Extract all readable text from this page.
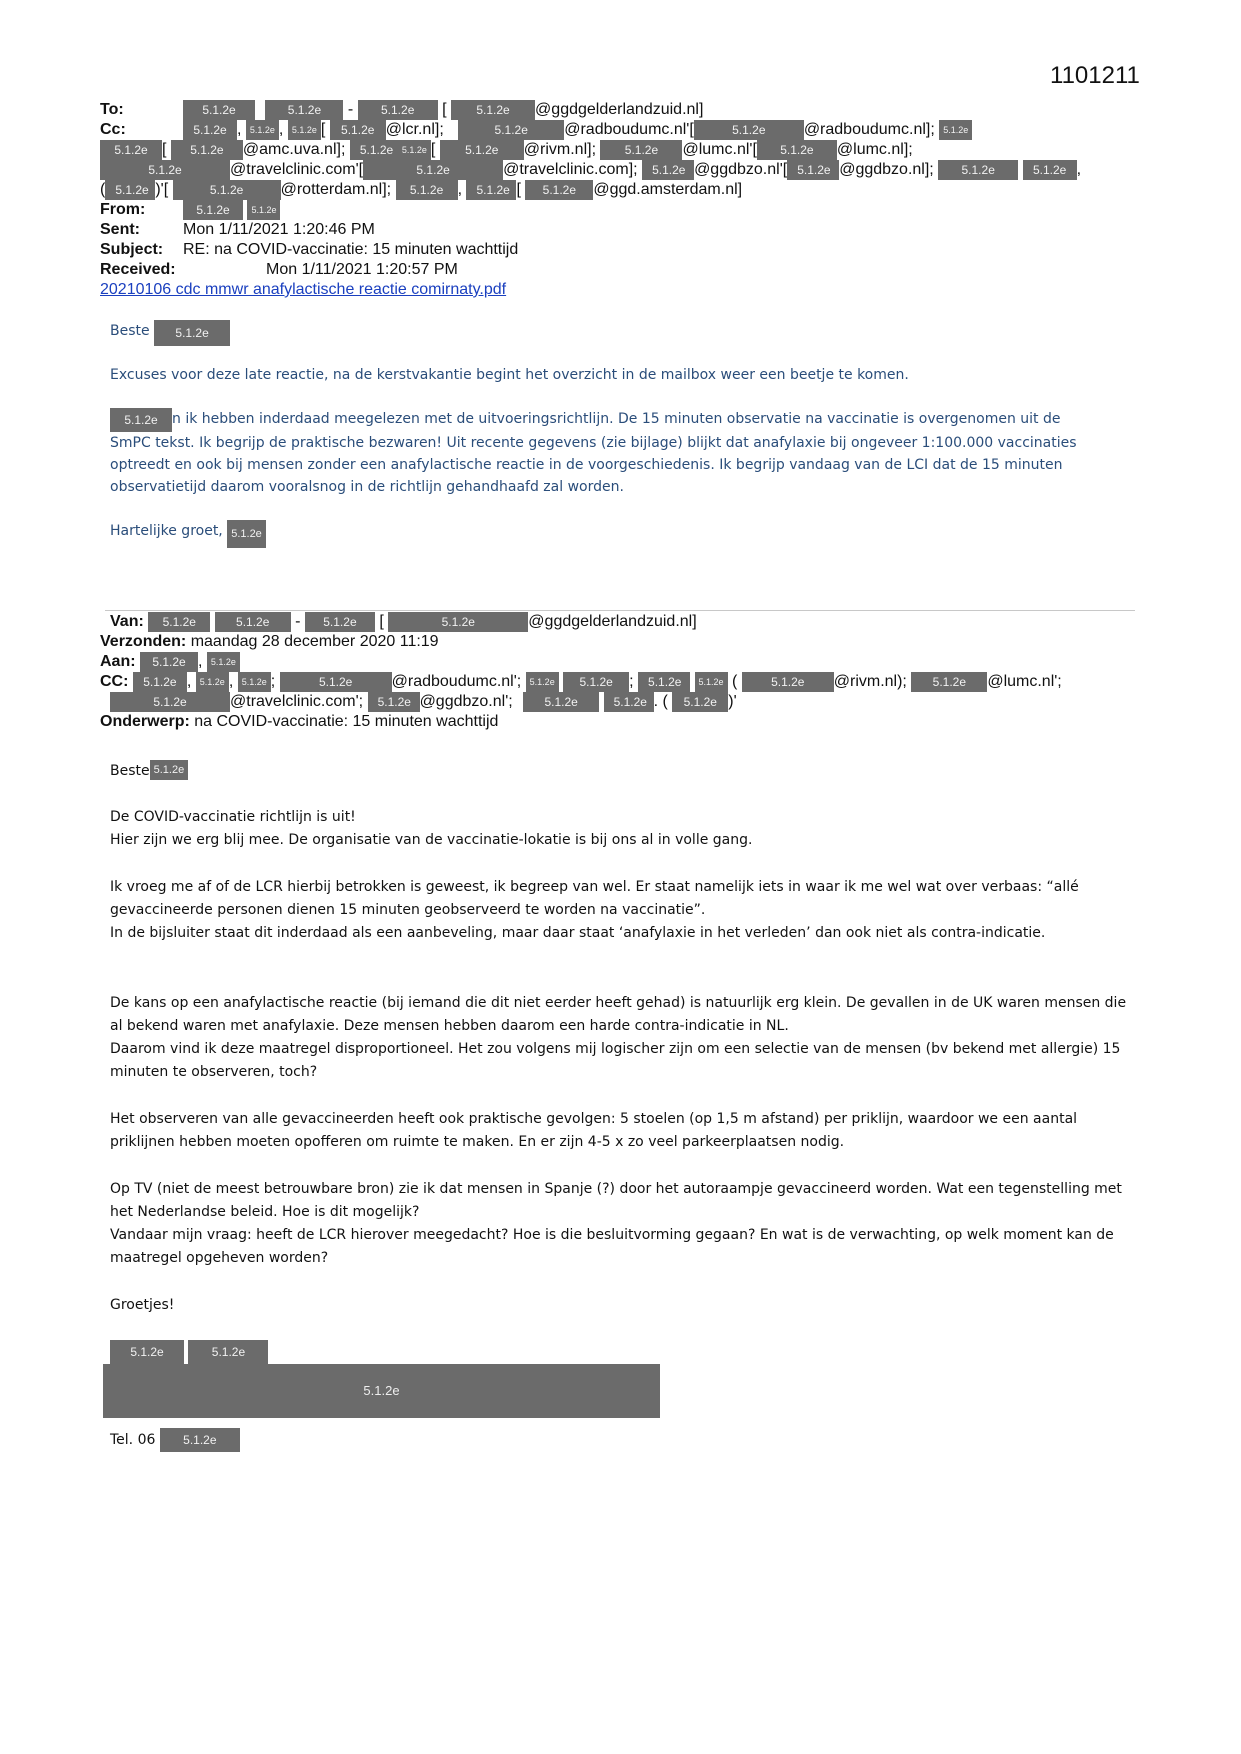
1101211
To:	5.1.2e	5.1.2e - 5.1.2e [ 5.1.2e @ggdgelderlandzuid.nl]
Cc:	5.1.2e , 5.1.2e , 5.1.2e [ 5.1.2e @lcr.nl];	5.1.2e @radboudumc.nl'[	5.1.2e @radboudumc.nl]; 5.1.2e
5.1.2e [ 5.1.2e @amc.uva.nl]; 5.1.2e 5.1.2e [ 5.1.2e @rivm.nl]; 5.1.2e @lumc.nl'[ 5.1.2e @lumc.nl];
5.1.2e	@travelclinic.com'[	5.1.2e	@travelclinic.com]; 5.1.2e @ggdbzo.nl'[ 5.1.2e @ggdbzo.nl]; 5.1.2e	5.1.2e ,
( 5.1.2e )'[	5.1.2e @rotterdam.nl]; 5.1.2e , 5.1.2e [ 5.1.2e @ggd.amsterdam.nl]
From:	5.1.2e 5.1.2e
Sent:	Mon 1/11/2021 1:20:46 PM
Subject: RE: na COVID-vaccinatie: 15 minuten wachttijd
Received:	Mon 1/11/2021 1:20:57 PM
20210106 cdc mmwr anafylactische reactie comirnaty.pdf
Beste 5.1.2e
Excuses voor deze late reactie, na de kerstvakantie begint het overzicht in de mailbox weer een beetje te komen.

5.1.2e n ik hebben inderdaad meegelezen met de uitvoeringsrichtlijn. De 15 minuten observatie na vaccinatie is overgenomen uit de

SmPC tekst. Ik begrijp de praktische bezwaren! Uit recente gegevens (zie bijlage) blijkt dat anafylaxie bij ongeveer 1:100.000 vaccinaties optreedt en ook bij mensen zonder een anafylactische reactie in de voorgeschiedenis. Ik begrijp vandaag van de LCI dat de 15 minuten observatietijd daarom vooralsnog in de richtlijn gehandhaafd zal worden.

Hartelijke groet, 5.1.2e
Van: 5.1.2e	5.1.2e - 5.1.2e [	5.1.2e	@ggdgelderlandzuid.nl]
Verzonden: maandag 28 december 2020 11:19
Aan: 5.1.2e , 5.1.2e
CC: 5.1.2e , 5.1.2e , 5.1.2e ;	5.1.2e @radboudumc.nl'; 5.1.2e 5.1.2e ; 5.1.2e 5.1.2e ( 5.1.2e @rivm.nl); 5.1.2e @lumc.nl';
5.1.2e	@travelclinic.com'; 5.1.2e @ggdbzo.nl';	5.1.2e	5.1.2e . ( 5.1.2e )'
Onderwerp: na COVID-vaccinatie: 15 minuten wachttijd
Beste 5.1.2e

De COVID-vaccinatie richtlijn is uit!

Hier zijn we erg blij mee. De organisatie van de vaccinatie-lokatie is bij ons al in volle gang.

Ik vroeg me af of de LCR hierbij betrokken is geweest, ik begreep van wel. Er staat namelijk iets in waar ik me wel wat over verbaas: “allé gevaccineerde personen dienen 15 minuten geobserveerd te worden na vaccinatie”.

In de bijsluiter staat dit inderdaad als een aanbeveling, maar daar staat ‘anafylaxie in het verleden’ dan ook niet als contra-indicatie.

De kans op een anafylactische reactie (bij iemand die dit niet eerder heeft gehad) is natuurlijk erg klein. De gevallen in de UK waren mensen die al bekend waren met anafylaxie. Deze mensen hebben daarom een harde contra-indicatie in NL.

Daarom vind ik deze maatregel disproportioneel. Het zou volgens mij logischer zijn om een selectie van de mensen (bv bekend met allergie) 15 minuten te observeren, toch?

Het observeren van alle gevaccineerden heeft ook praktische gevolgen: 5 stoelen (op 1,5 m afstand) per priklijn, waardoor we een aantal priklijnen hebben moeten opofferen om ruimte te maken. En er zijn 4-5 x zo veel parkeerplaatsen nodig.

Op TV (niet de meest betrouwbare bron) zie ik dat mensen in Spanje (?) door het autoraampje gevaccineerd worden. Wat een tegenstelling met het Nederlandse beleid. Hoe is dit mogelijk?

Vandaar mijn vraag: heeft de LCR hierover meegedacht? Hoe is die besluitvorming gegaan? En wat is de verwachting, op welk moment kan de maatregel opgeheven worden?

Groetjes!
5.1.2e	5.1.2e
5.1.2e
Tel. 06 5.1.2e
